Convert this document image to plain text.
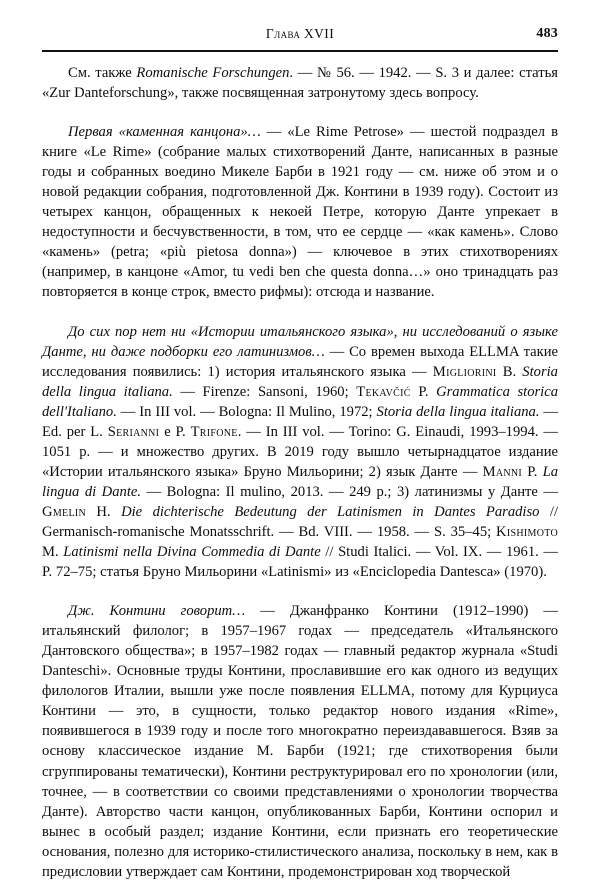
Глава XVII	483

См. также Romanische Forschungen. — № 56. — 1942. — S. 3 и далее: статья «Zur Danteforschung», также посвященная затронутому здесь вопросу.

Первая «каменная канцона»… — «Le Rime Petrose» — шестой подраздел в книге «Le Rime» (собрание малых стихотворений Данте, написанных в разные годы и собранных воедино Микеле Барби в 1921 году — см. ниже об этом и о новой редакции собрания, подготовленной Дж. Контини в 1939 году). Состоит из четырех канцон, обращенных к некоей Петре, которую Данте упрекает в недоступности и бесчувственности, в том, что ее сердце — «как камень». Слово «камень» (petra; «più pietosa donna») — ключевое в этих стихотворениях (например, в канцоне «Amor, tu vedi ben che questa donna…» оно тринадцать раз повторяется в конце строк, вместо рифмы): отсюда и название.

До сих пор нет ни «Истории итальянского языка», ни исследований о языке Данте, ни даже подборки его латинизмов… — Со времен выхода ELLMA такие исследования появились: 1) история итальянского языка — Migliorini B. Storia della lingua italiana. — Firenze: Sansoni, 1960; Tekavčić P. Grammatica storica dell'Italiano. — In III vol. — Bologna: Il Mulino, 1972; Storia della lingua italiana. — Ed. per L. Serianni e P. Trifone. — In III vol. — Torino: G. Einaudi, 1993–1994. — 1051 p. — и множество других. В 2019 году вышло четырнадцатое издание «Истории итальянского языка» Бруно Мильорини; 2) язык Данте — Manni P. La lingua di Dante. — Bologna: Il mulino, 2013. — 249 p.; 3) латинизмы у Данте — Gmelin H. Die dichterische Bedeutung der Latinismen in Dantes Paradiso // Germanisch-romanische Monatsschrift. — Bd. VIII. — 1958. — S. 35–45; Kishimoto M. Latinismi nella Divina Commedia di Dante // Studi Italici. — Vol. IX. — 1961. — P. 72–75; статья Бруно Мильорини «Latinismi» из «Enciclopedia Dantesca» (1970).

Дж. Контини говорит… — Джанфранко Контини (1912–1990) — итальянский филолог; в 1957–1967 годах — председатель «Итальянского Дантовского общества»; в 1957–1982 годах — главный редактор журнала «Studi Danteschi». Основные труды Контини, прославившие его как одного из ведущих филологов Италии, вышли уже после появления ELLMA, потому для Курциуса Контини — это, в сущности, только редактор нового издания «Rime», появившегося в 1939 году и после того многократно переиздававшегося. Взяв за основу классическое издание М. Барби (1921; где стихотворения были сгруппированы тематически), Контини реструктурировал его по хронологии (или, точнее, — в соответствии со своими представлениями о хронологии творчества Данте). Авторство части канцон, опубликованных Барби, Контини оспорил и вынес в особый раздел; издание Контини, если признать его теоретические основания, полезно для историко-стилистического анализа, поскольку в нем, как в предисловии утверждает сам Контини, продемонстрирован ход творческой
